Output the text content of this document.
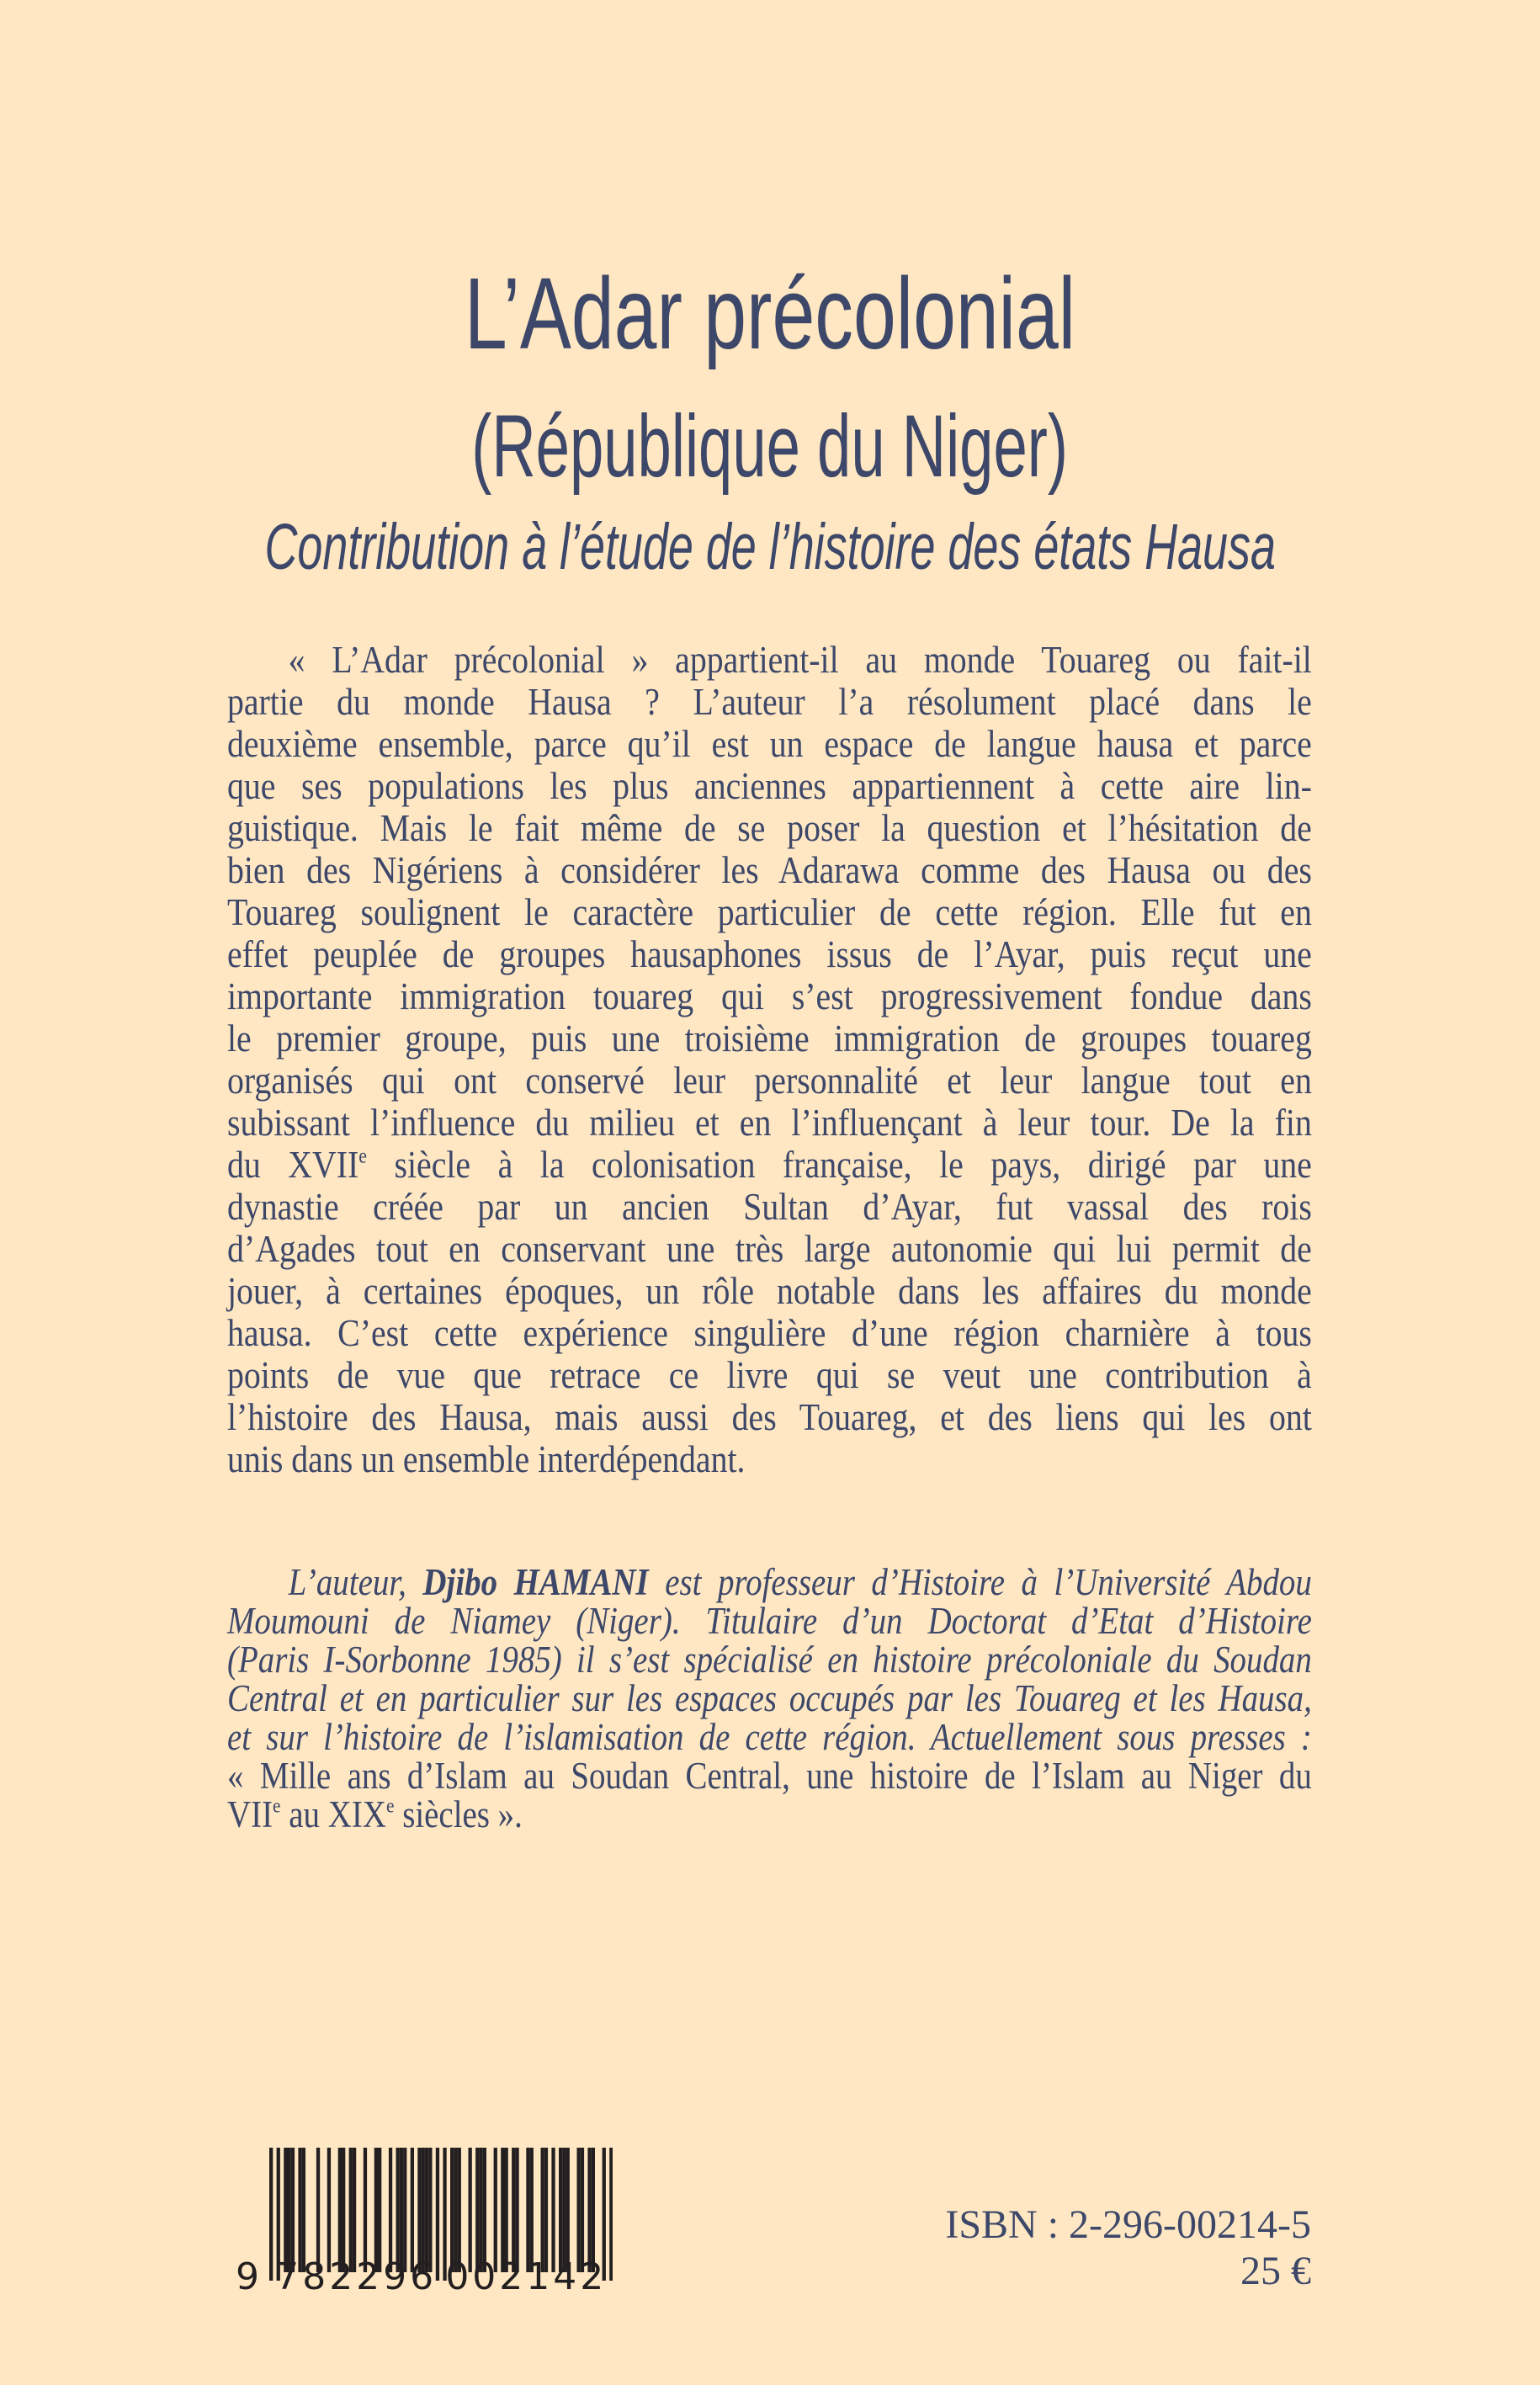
L’Adar précolonial
(République du Niger)
Contribution à l’étude de l’histoire des états Hausa
« L’Adar précolonial » appartient-il au monde Touareg ou fait-il
partie du monde Hausa ? L’auteur l’a résolument placé dans le
deuxième ensemble, parce qu’il est un espace de langue hausa et parce
que ses populations les plus anciennes appartiennent à cette aire lin-
guistique. Mais le fait même de se poser la question et l’hésitation de
bien des Nigériens à considérer les Adarawa comme des Hausa ou des
Touareg soulignent le caractère particulier de cette région. Elle fut en
effet peuplée de groupes hausaphones issus de l’Ayar, puis reçut une
importante immigration touareg qui s’est progressivement fondue dans
le premier groupe, puis une troisième immigration de groupes touareg
organisés qui ont conservé leur personnalité et leur langue tout en
subissant l’influence du milieu et en l’influençant à leur tour. De la fin
du XVIIe siècle à la colonisation française, le pays, dirigé par une
dynastie créée par un ancien Sultan d’Ayar, fut vassal des rois
d’Agades tout en conservant une très large autonomie qui lui permit de
jouer, à certaines époques, un rôle notable dans les affaires du monde
hausa. C’est cette expérience singulière d’une région charnière à tous
points de vue que retrace ce livre qui se veut une contribution à
l’histoire des Hausa, mais aussi des Touareg, et des liens qui les ont
unis dans un ensemble interdépendant.
L’auteur, Djibo HAMANI est professeur d’Histoire à l’Université Abdou
Moumouni de Niamey (Niger). Titulaire d’un Doctorat d’Etat d’Histoire
(Paris I-Sorbonne 1985) il s’est spécialisé en histoire précoloniale du Soudan
Central et en particulier sur les espaces occupés par les Touareg et les Hausa,
et sur l’histoire de l’islamisation de cette région. Actuellement sous presses :
« Mille ans d’Islam au Soudan Central, une histoire de l’Islam au Niger du
VIIe au XIXe siècles ».
9 782296 002142
ISBN : 2-296-00214-5
25 €
